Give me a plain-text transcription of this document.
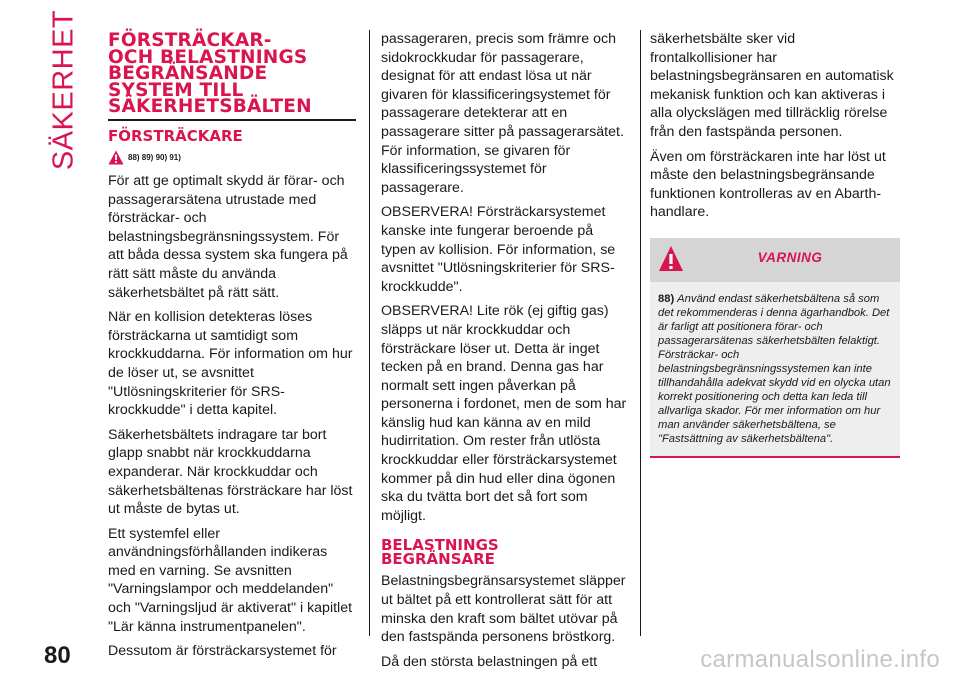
SÄKERHET FÖRSTRÄCKAR-
OCH BELASTNINGS
BEGRÄNSANDE
SYSTEM TILL
SÄKERHETSBÄLTEN
FÖRSTRÄCKARE
88) 89) 90) 91)

För att ge optimalt skydd är förar- och passagerarsätena utrustade med försträckar- och belastningsbegränsningssystem. För att båda dessa system ska fungera på rätt sätt måste du använda säkerhetsbältet på rätt sätt.

När en kollision detekteras löses försträckarna ut samtidigt som krockkuddarna. För information om hur de löser ut, se avsnittet "Utlösningskriterier för SRS-krockkudde" i detta kapitel.

Säkerhetsbältets indragare tar bort glapp snabbt när krockkuddarna expanderar. När krockkuddar och säkerhetsbältenas försträckare har löst ut måste de bytas ut.

Ett systemfel eller användningsförhållanden indikeras med en varning. Se avsnitten "Varningslampor och meddelanden" och "Varningsljud är aktiverat" i kapitlet "Lär känna instrumentpanelen".

Dessutom är försträckarsystemet för

passageraren, precis som främre och sidokrockkudar för passagerare, designat för att endast lösa ut när givaren för klassificeringsystemet för passagerare detekterar att en passagerare sitter på passagerarsätet. För information, se givaren för klassificeringssystemet för passagerare.

OBSERVERA! Försträckarsystemet kanske inte fungerar beroende på typen av kollision. För information, se avsnittet "Utlösningskriterier för SRS-krockkudde".

OBSERVERA! Lite rök (ej giftig gas) släpps ut när krockkuddar och försträckare löser ut. Detta är inget tecken på en brand. Denna gas har normalt sett ingen påverkan på personerna i fordonet, men de som har känslig hud kan känna av en mild hudirritation. Om rester från utlösta krockkuddar eller försträckarsystemet kommer på din hud eller dina ögonen ska du tvätta bort det så fort som möjligt.

BELASTNINGS
BEGRÄNSARE

Belastningsbegränsarsystemet släpper ut bältet på ett kontrollerat sätt för att minska den kraft som bältet utövar på den fastspända personens bröstkorg.

Då den största belastningen på ett

säkerhetsbälte sker vid frontalkollisioner har belastningsbegränsaren en automatisk mekanisk funktion och kan aktiveras i alla olyckslägen med tillräcklig rörelse från den fastspända personen.

Även om försträckaren inte har löst ut måste den belastningsbegränsande funktionen kontrolleras av en Abarth-handlare.

VARNING
88) Använd endast säkerhetsbältena så som det rekommenderas i denna ägarhandbok. Det är farligt att positionera förar- och passagerarsätenas säkerhetsbälten felaktigt. Försträckar- och belastningsbegränsningssystemen kan inte tillhandahålla adekvat skydd vid en olycka utan korrekt positionering och detta kan leda till allvarliga skador. För mer information om hur man använder säkerhetsbältena, se "Fastsättning av säkerhetsbältena".
80	carmanualsonline.info
